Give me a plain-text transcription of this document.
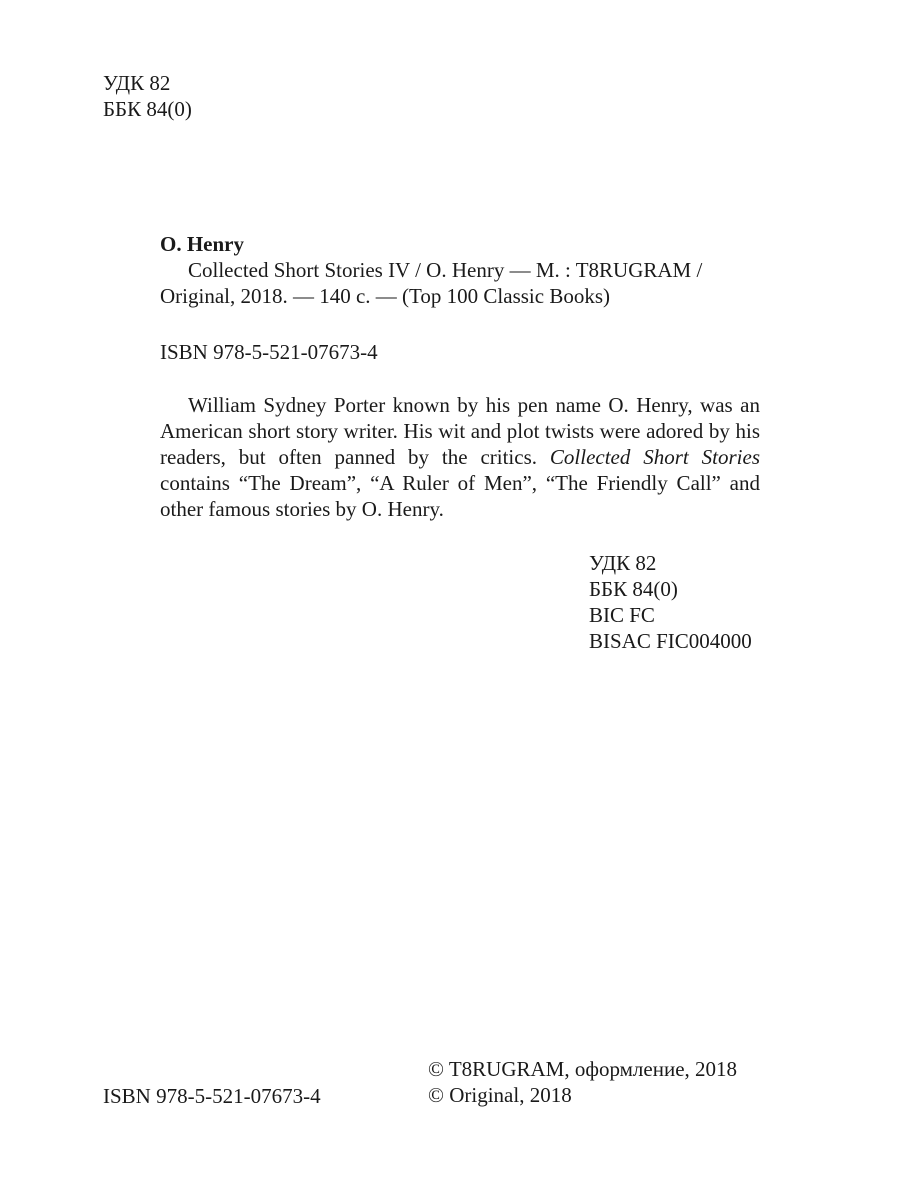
УДК 82
ББК 84(0)
O. Henry
Collected Short Stories IV / O. Henry — M. : T8RUGRAM /
Original, 2018. — 140 c. — (Top 100 Classic Books)
ISBN 978-5-521-07673-4

William Sydney Porter known by his pen name O. Henry, was an American short story writer. His wit and plot twists were adored by his readers, but often panned by the critics. Collected Short Stories contains “The Dream”, “A Ruler of Men”, “The Friendly Call” and other famous stories by O. Henry.

УДК 82
ББК 84(0)
BIC FC
BISAC FIC004000
ISBN 978-5-521-07673-4
© T8RUGRAM, оформление, 2018
© Original, 2018
